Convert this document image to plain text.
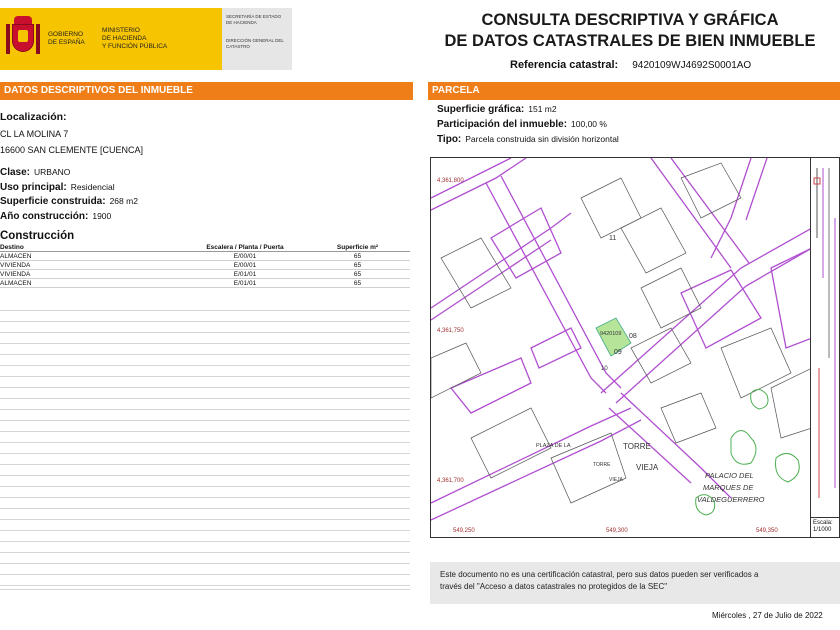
GOBIERNO
DE ESPAÑA
MINISTERIO
DE HACIENDA
Y FUNCIÓN PÚBLICA
SECRETARÍA DE ESTADO DE HACIENDA
DIRECCIÓN GENERAL DEL CATASTRO
CONSULTA DESCRIPTIVA Y GRÁFICA
DE DATOS CATASTRALES DE BIEN INMUEBLE
Referencia catastral: 9420109WJ4692S0001AO
DATOS DESCRIPTIVOS DEL INMUEBLE	PARCELA
Localización:
CL LA MOLINA 7
16600 SAN CLEMENTE [CUENCA]
Clase: URBANO
Uso principal: Residencial
Superficie construida: 268 m2
Año construcción: 1900
Construcción
Destino	Escalera / Planta / Puerta	Superficie m²
ALMACEN	E/00/01	65
VIVIENDA	E/00/01	65
VIVIENDA	E/01/01	65
ALMACEN	E/01/01	65
Superficie gráfica: 151 m2
Participación del inmueble: 100,00 %
Tipo: Parcela construida sin división horizontal
4,361,800
4,361,750
4,361,700
549,250	549,300	549,350
PLAZA DE LA
TORRE
VIEJA
TORRE
VIEJA
PALACIO DEL
MARQUES DE
VALDEGUERRERO
9420109 08
09
11
10
Escala:
1/1000
Este documento no es una certificación catastral, pero sus datos pueden ser verificados a
través del "Acceso a datos catastrales no protegidos de la SEC"
Miércoles , 27 de Julio de 2022
